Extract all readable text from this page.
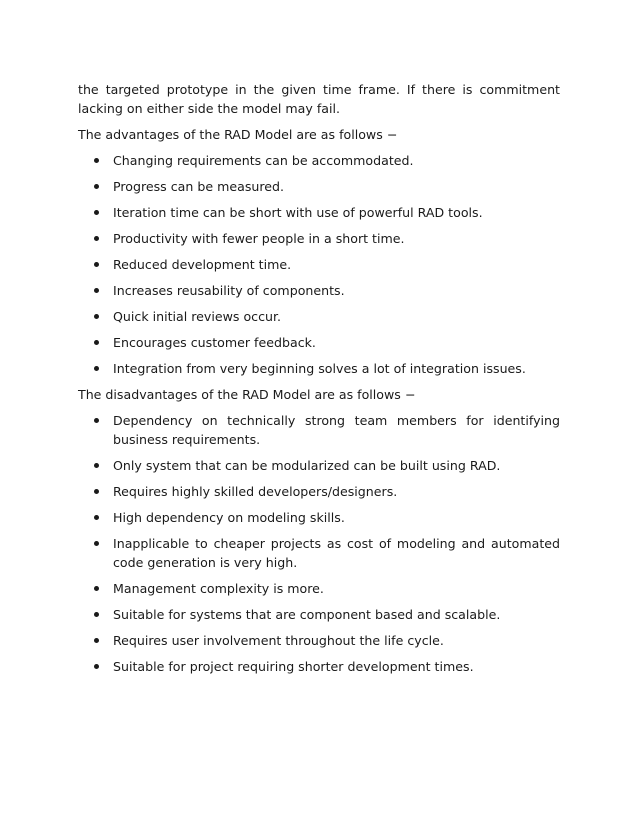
the targeted prototype in the given time frame. If there is commitment lacking on either side the model may fail.

The advantages of the RAD Model are as follows −

Changing requirements can be accommodated.
Progress can be measured.
Iteration time can be short with use of powerful RAD tools.
Productivity with fewer people in a short time.
Reduced development time.
Increases reusability of components.
Quick initial reviews occur.
Encourages customer feedback.
Integration from very beginning solves a lot of integration issues.

The disadvantages of the RAD Model are as follows −

Dependency on technically strong team members for identifying business requirements.
Only system that can be modularized can be built using RAD.
Requires highly skilled developers/designers.
High dependency on modeling skills.
Inapplicable to cheaper projects as cost of modeling and automated code generation is very high.
Management complexity is more.
Suitable for systems that are component based and scalable.
Requires user involvement throughout the life cycle.
Suitable for project requiring shorter development times.
